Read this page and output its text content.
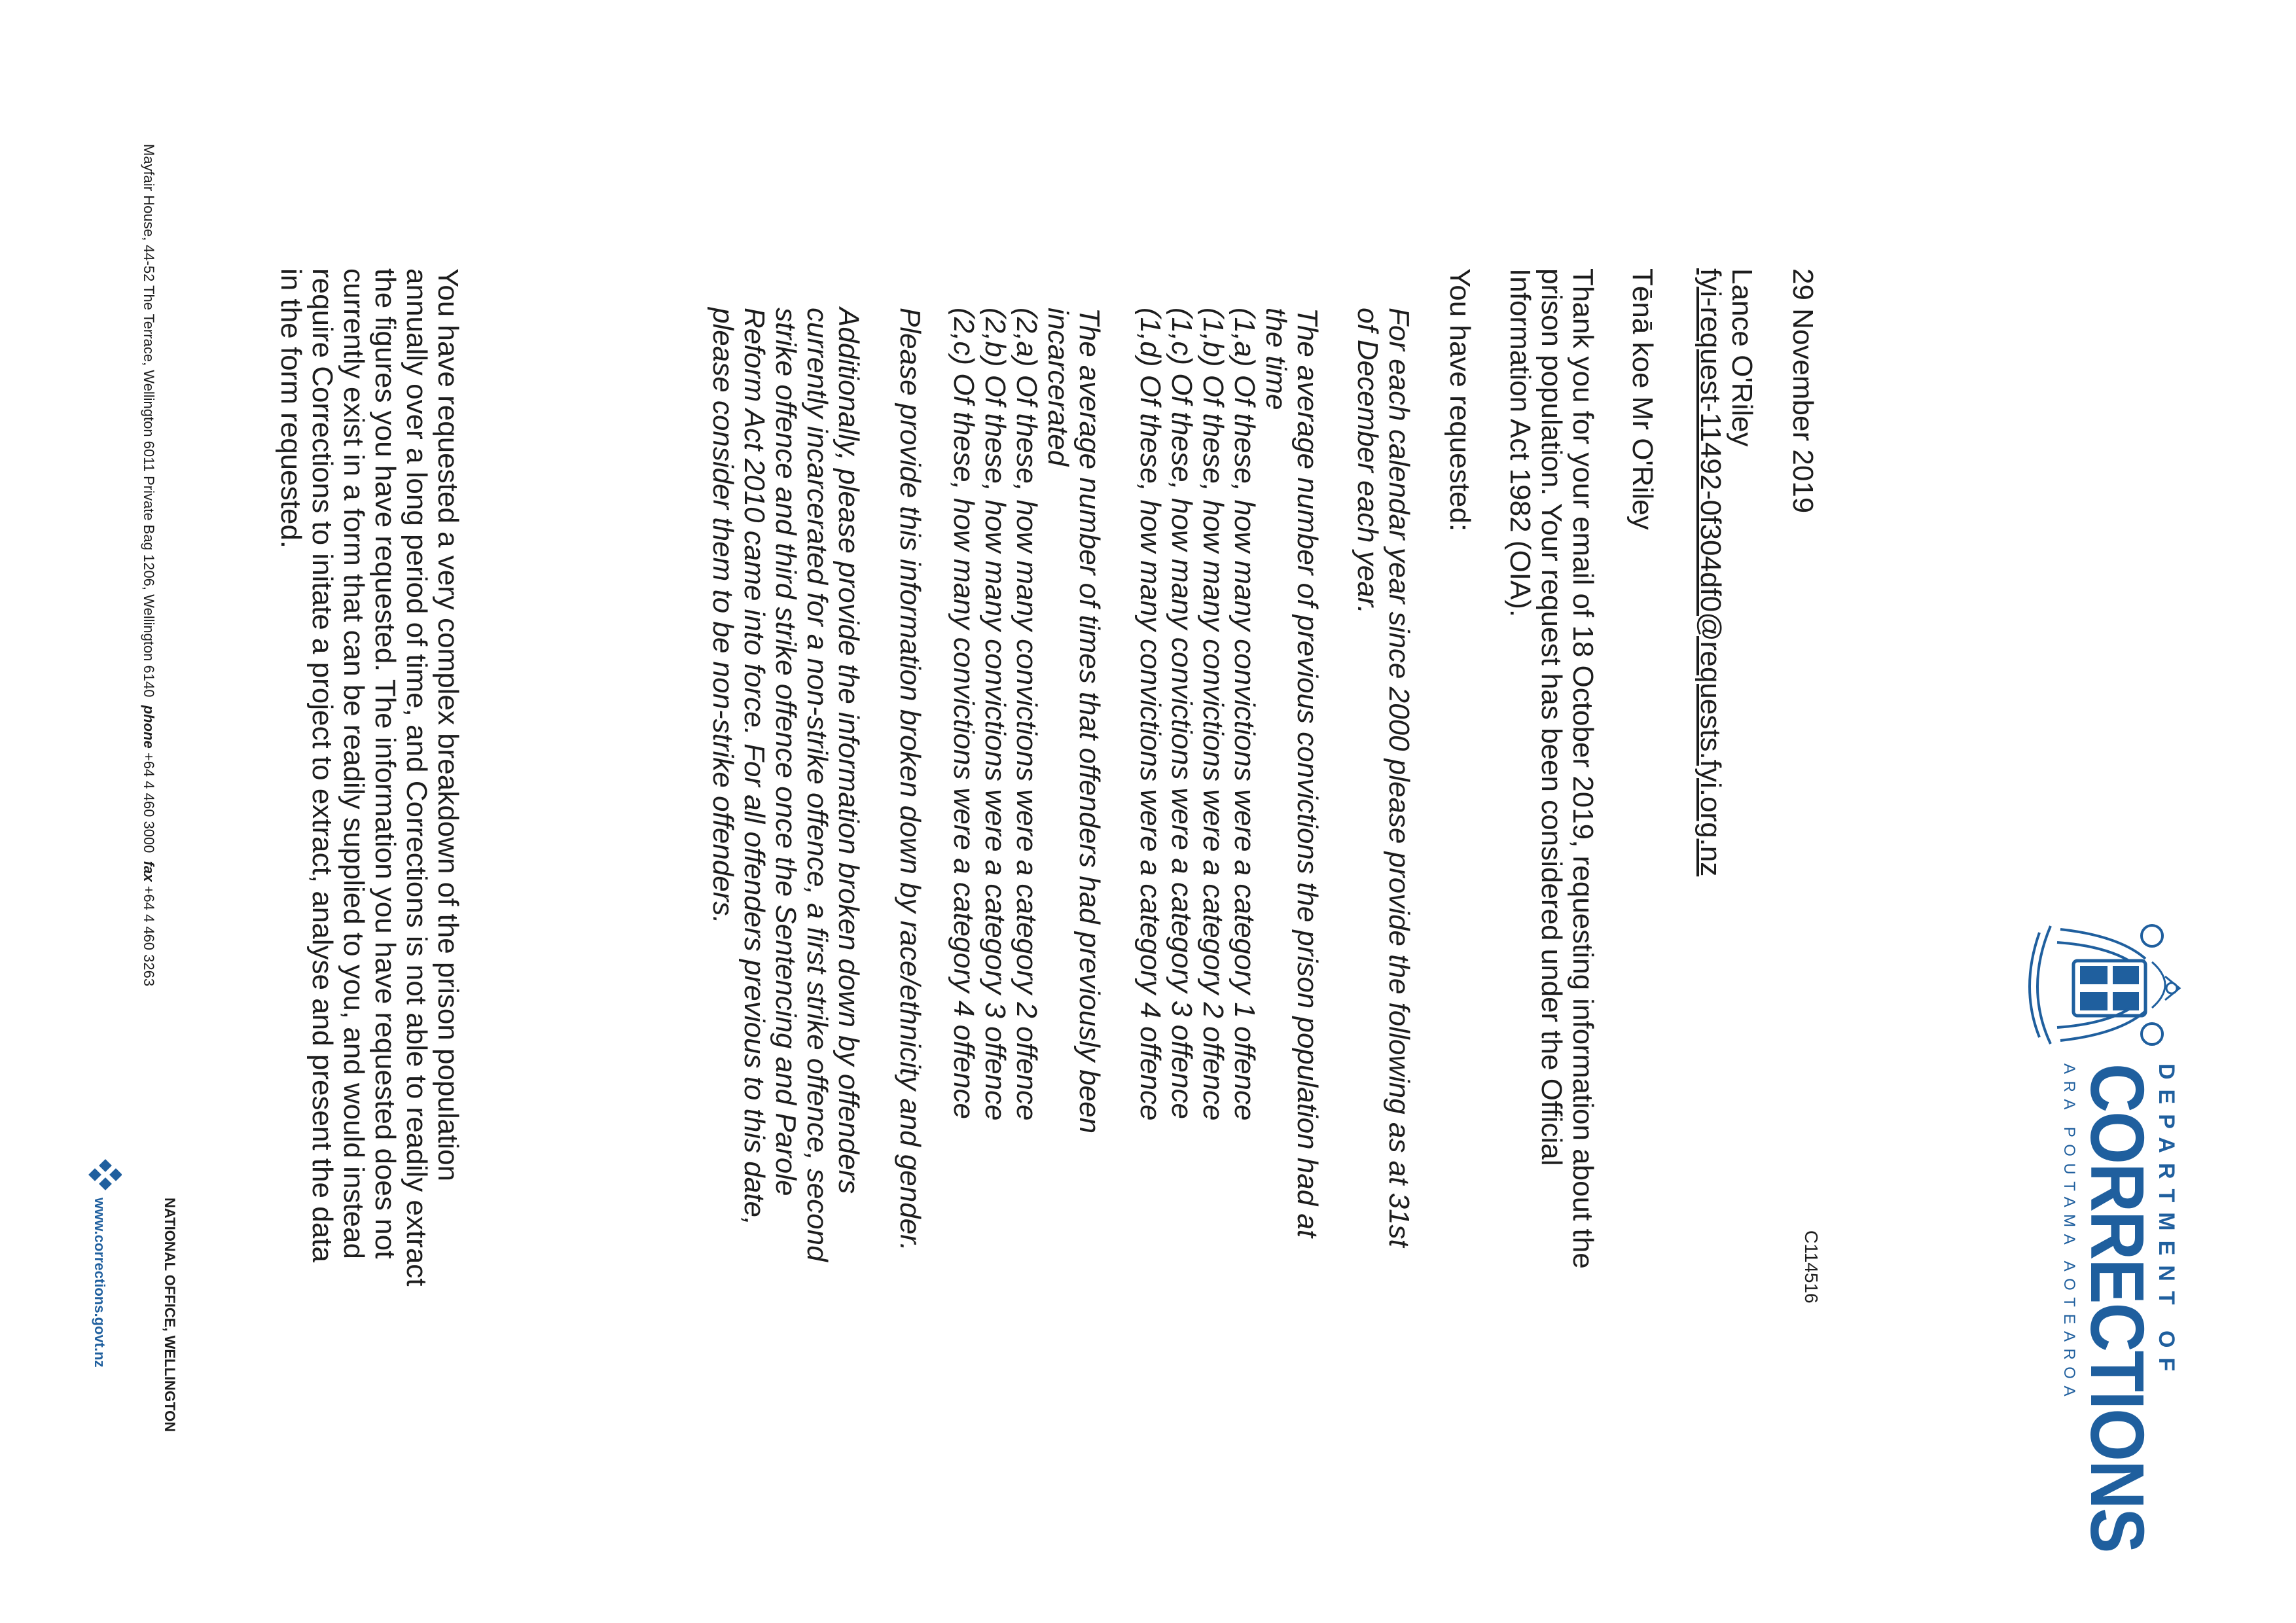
DEPARTMENT OF
CORRECTIONS
ARA POUTAMA AOTEAROA
C114516
29 November 2019
Lance O'Riley
fyi-request-11492-0f304df0@requests.fyi.org.nz
Tēnā koe Mr O'Riley
Thank you for your email of 18 October 2019, requesting information about the
prison population. Your request has been considered under the Official
Information Act 1982 (OIA).
You have requested:
For each calendar year since 2000 please provide the following as at 31st
of December each year.
The average number of previous convictions the prison population had at
the time
(1,a) Of these, how many convictions were a category 1 offence
(1,b) Of these, how many convictions were a category 2 offence
(1,c) Of these, how many convictions were a category 3 offence
(1,d) Of these, how many convictions were a category 4 offence
The average number of times that offenders had previously been
incarcerated
(2,a) Of these, how many convictions were a category 2 offence
(2,b) Of these, how many convictions were a category 3 offence
(2,c) Of these, how many convictions were a category 4 offence
Please provide this information broken down by race/ethnicity and gender.
Additionally, please provide the information broken down by offenders
currently incarcerated for a non-strike offence, a first strike offence, second
strike offence and third strike offence once the Sentencing and Parole
Reform Act 2010 came into force. For all offenders previous to this date,
please consider them to be non-strike offenders.
You have requested a very complex breakdown of the prison population
annually over a long period of time, and Corrections is not able to readily extract
the figures you have requested. The information you have requested does not
currently exist in a form that can be readily supplied to you, and would instead
require Corrections to initate a project to extract, analyse and present the data
in the form requested.
NATIONAL OFFICE, WELLINGTON
Mayfair House, 44-52 The Terrace, Wellington 6011 Private Bag 1206, Wellington 6140  phone +64 4 460 3000  fax +64 4 460 3263
www.corrections.govt.nz
